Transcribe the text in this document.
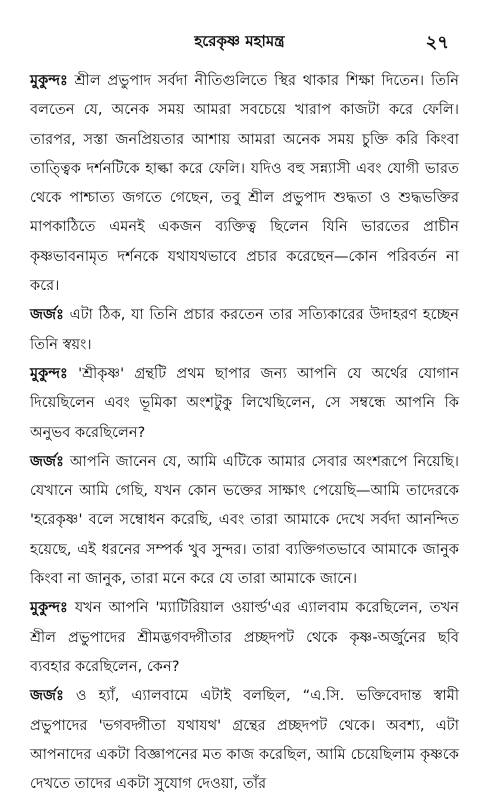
হরেকৃষ্ণ মহামন্ত্র	২৭

মুকুন্দঃ শ্রীল প্রভুপাদ সর্বদা নীতিগুলিতে স্থির থাকার শিক্ষা দিতেন। তিনি বলতেন যে, অনেক সময় আমরা সবচেয়ে খারাপ কাজটা করে ফেলি। তারপর, সস্তা জনপ্রিয়তার আশায় আমরা অনেক সময় চুক্তি করি কিংবা তাত্ত্বিক দর্শনটিকে হাল্কা করে ফেলি। যদিও বহু সন্ন্যাসী এবং যোগী ভারত থেকে পাশ্চাত্য জগতে গেছেন, তবু শ্রীল প্রভুপাদ শুদ্ধতা ও শুদ্ধভক্তির মাপকাঠিতে এমনই একজন ব্যক্তিত্ব ছিলেন যিনি ভারতের প্রাচীন কৃষ্ণভাবনামৃত দর্শনকে যথাযথভাবে প্রচার করেছেন—কোন পরিবর্তন না করে।

জর্জঃ এটা ঠিক, যা তিনি প্রচার করতেন তার সত্যিকারের উদাহরণ হচ্ছেন তিনি স্বয়ং।

মুকুন্দঃ 'শ্রীকৃষ্ণ' গ্রন্থটি প্রথম ছাপার জন্য আপনি যে অর্থের যোগান দিয়েছিলেন এবং ভূমিকা অংশটুকু লিখেছিলেন, সে সম্বন্ধে আপনি কি অনুভব করেছিলেন?

জর্জঃ আপনি জানেন যে, আমি এটিকে আমার সেবার অংশরূপে নিয়েছি। যেখানে আমি গেছি, যখন কোন ভক্তের সাক্ষাৎ পেয়েছি—আমি তাদেরকে 'হরেকৃষ্ণ' বলে সম্বোধন করেছি, এবং তারা আমাকে দেখে সর্বদা আনন্দিত হয়েছে, এই ধরনের সম্পর্ক খুব সুন্দর। তারা ব্যক্তিগতভাবে আমাকে জানুক কিংবা না জানুক, তারা মনে করে যে তারা আমাকে জানে।

মুকুন্দঃ যখন আপনি 'ম্যাটিরিয়াল ওয়ার্ল্ড'এর এ্যালবাম করেছিলেন, তখন শ্রীল প্রভুপাদের শ্রীমদ্ভগবদ্গীতার প্রচ্ছদপট থেকে কৃষ্ণ-অর্জুনের ছবি ব্যবহার করেছিলেন, কেন?

জর্জঃ ও হ্যাঁ, এ্যালবামে এটাই বলছিল, “এ.সি. ভক্তিবেদান্ত স্বামী প্রভুপাদের 'ভগবদ্গীতা যথাযথ' গ্রন্থের প্রচ্ছদপট থেকে। অবশ্য, এটা আপনাদের একটা বিজ্ঞাপনের মত কাজ করেছিল, আমি চেয়েছিলাম কৃষ্ণকে দেখতে তাদের একটা সুযোগ দেওয়া, তাঁর
